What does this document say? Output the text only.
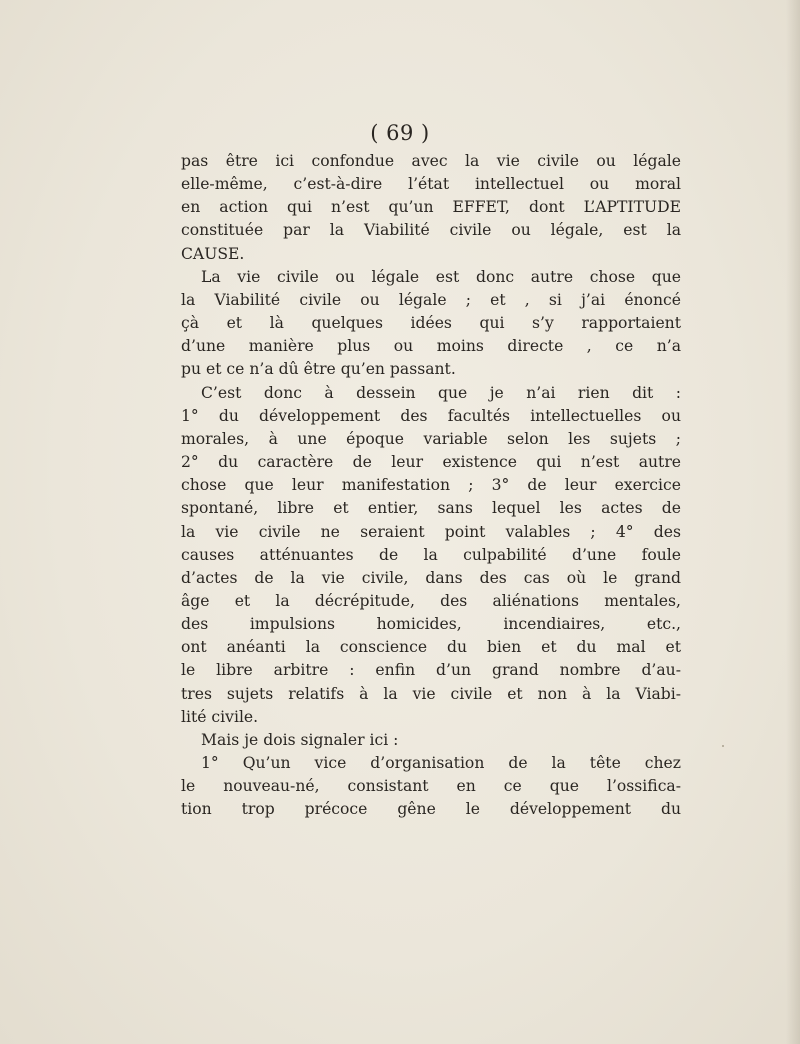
( 69 )
pas être ici confondue avec la vie civile ou légale
elle-même, c’est-à-dire l’état intellectuel ou moral
en action qui n’est qu’un EFFET, dont L’APTITUDE
constituée par la Viabilité civile ou légale, est la
CAUSE.
La vie civile ou légale est donc autre chose que
la Viabilité civile ou légale ; et , si j’ai énoncé
çà et là quelques idées qui s’y rapportaient
d’une manière plus ou moins directe , ce n’a
pu et ce n’a dû être qu’en passant.
C’est donc à dessein que je n’ai rien dit :
1° du développement des facultés intellectuelles ou
morales, à une époque variable selon les sujets ;
2° du caractère de leur existence qui n’est autre
chose que leur manifestation ; 3° de leur exercice
spontané, libre et entier, sans lequel les actes de
la vie civile ne seraient point valables ; 4° des
causes atténuantes de la culpabilité d’une foule
d’actes de la vie civile, dans des cas où le grand
âge et la décrépitude, des aliénations mentales,
des impulsions homicides, incendiaires, etc.,
ont anéanti la conscience du bien et du mal et
le libre arbitre : enfin d’un grand nombre d’au-
tres sujets relatifs à la vie civile et non à la Viabi-
lité civile.
Mais je dois signaler ici :
1° Qu’un vice d’organisation de la tête chez
le nouveau-né, consistant en ce que l’ossifica-
tion trop précoce gêne le développement du
